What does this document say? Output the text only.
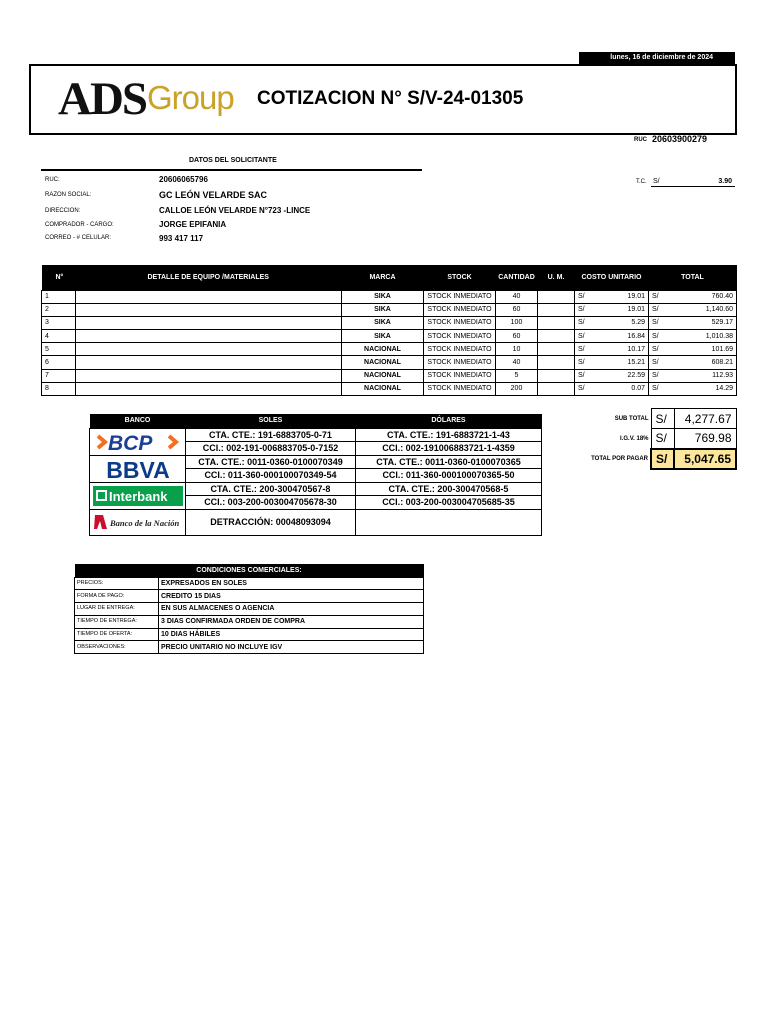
lunes, 16 de diciembre de 2024
ADS Group COTIZACION N° S/V-24-01305
RUC 20603900279
DATOS DEL SOLICITANTE
RUC:	20606065796
RAZON SOCIAL:	GC LEÓN VELARDE SAC
DIRECCION:	CALLOE LEÓN VELARDE N°723 -LINCE
COMPRADOR - CARGO:	JORGE EPIFANIA
CORREO - # CELULAR:	993 417 117
T.C. S/	3.90
N°	DETALLE DE EQUIPO /MATERIALES	MARCA	STOCK	CANTIDAD	U. M.	COSTO UNITARIO	TOTAL
1		SIKA	STOCK INMEDIATO	40		S/ 19.01	S/ 760.40

2		SIKA	STOCK INMEDIATO	60		S/ 19.01	S/ 1,140.60

3		SIKA	STOCK INMEDIATO	100		S/ 5.29	S/ 529.17

4		SIKA	STOCK INMEDIATO	60		S/ 16.84	S/ 1,010.38

5		NACIONAL	STOCK INMEDIATO	10		S/ 10.17	S/ 101.69

6		NACIONAL	STOCK INMEDIATO	40		S/ 15.21	S/ 608.21

7		NACIONAL	STOCK INMEDIATO	5		S/ 22.59	S/ 112.93

8		NACIONAL	STOCK INMEDIATO	200		S/ 0.07	S/ 14.29
BANCO	SOLES	DÓLARES

BCP	CTA. CTE.: 191-6883705-0-71	CTA. CTE.: 191-6883721-1-43
	CCI.: 002-191-006883705-0-7152	CCI.: 002-191006883721-1-4359

BBVA	CTA. CTE.: 0011-0360-0100070349	CTA. CTE.: 0011-0360-0100070365
	CCI.: 011-360-000100070349-54	CCI.: 011-360-000100070365-50

Interbank	CTA. CTE.: 200-300470567-8	CTA. CTE.: 200-300470568-5
	CCI.: 003-200-003004705678-30	CCI.: 003-200-003004705685-35

Banco de la Nación	DETRACCIÓN: 00048093094	
SUB TOTAL	S/	4,277.67
I.G.V. 18%	S/	769.98
TOTAL POR PAGAR	S/	5,047.65
CONDICIONES COMERCIALES:	
PRECIOS:	EXPRESADOS EN SOLES
FORMA DE PAGO:	CREDITO 15 DIAS
LUGAR DE ENTREGA:	EN SUS ALMACENES O AGENCIA
TIEMPO DE ENTREGA:	3 DIAS CONFIRMADA ORDEN DE COMPRA
TIEMPO DE OFERTA:	10 DIAS HÁBILES
OBSERVACIONES:	PRECIO UNITARIO NO INCLUYE IGV
